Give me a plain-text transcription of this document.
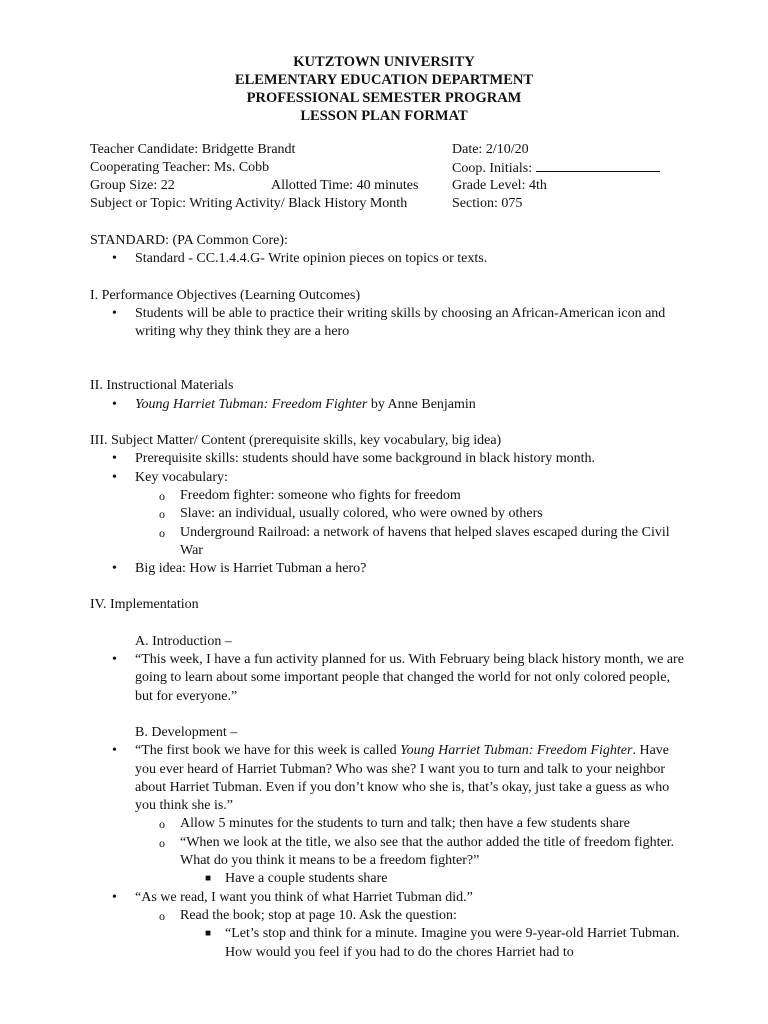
KUTZTOWN UNIVERSITY
ELEMENTARY EDUCATION DEPARTMENT
PROFESSIONAL SEMESTER PROGRAM
LESSON PLAN FORMAT
Teacher Candidate: Bridgette Brandt	Date: 2/10/20
Cooperating Teacher: Ms. Cobb	Coop. Initials:
Group Size: 22	Allotted Time: 40 minutes Grade Level: 4th
Subject or Topic: Writing Activity/ Black History Month	Section: 075

STANDARD: (PA Common Core):

• Standard - CC.1.4.4.G- Write opinion pieces on topics or texts.

I. Performance Objectives (Learning Outcomes)

• Students will be able to practice their writing skills by choosing an African-American icon and writing why they think they are a hero

II. Instructional Materials

• Young Harriet Tubman: Freedom Fighter by Anne Benjamin

III. Subject Matter/ Content (prerequisite skills, key vocabulary, big idea)

• Prerequisite skills: students should have some background in black history month.
• Key vocabulary:
o Freedom fighter: someone who fights for freedom
o Slave: an individual, usually colored, who were owned by others
o Underground Railroad: a network of havens that helped slaves escaped during the Civil War
• Big idea: How is Harriet Tubman a hero?

IV. Implementation

A. Introduction –

• “This week, I have a fun activity planned for us. With February being black history month, we are going to learn about some important people that changed the world for not only colored people, but for everyone.”

B. Development –

• “The first book we have for this week is called Young Harriet Tubman: Freedom Fighter. Have you ever heard of Harriet Tubman? Who was she? I want you to turn and talk to your neighbor about Harriet Tubman. Even if you don’t know who she is, that’s okay, just take a guess as who you think she is.”
o Allow 5 minutes for the students to turn and talk; then have a few students share
o “When we look at the title, we also see that the author added the title of freedom fighter. What do you think it means to be a freedom fighter?”
■ Have a couple students share
• “As we read, I want you think of what Harriet Tubman did.”
o Read the book; stop at page 10. Ask the question:
■ “Let’s stop and think for a minute. Imagine you were 9-year-old Harriet Tubman. How would you feel if you had to do the chores Harriet had to
